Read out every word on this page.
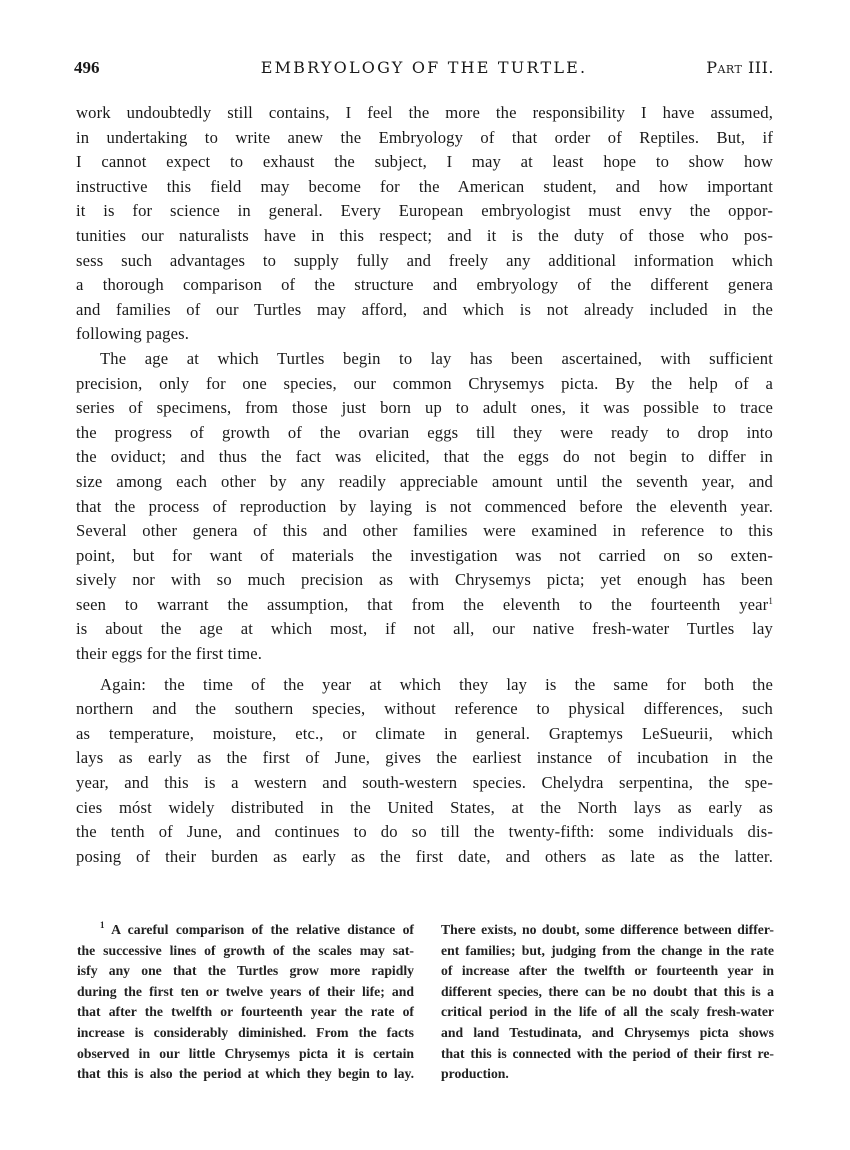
496	EMBRYOLOGY OF THE TURTLE.	Part III.
work undoubtedly still contains, I feel the more the responsibility I have assumed,
in undertaking to write anew the Embryology of that order of Reptiles. But, if
I cannot expect to exhaust the subject, I may at least hope to show how
instructive this field may become for the American student, and how important
it is for science in general. Every European embryologist must envy the oppor-
tunities our naturalists have in this respect; and it is the duty of those who pos-
sess such advantages to supply fully and freely any additional information which
a thorough comparison of the structure and embryology of the different genera
and families of our Turtles may afford, and which is not already included in the
following pages.
The age at which Turtles begin to lay has been ascertained, with sufficient
precision, only for one species, our common Chrysemys picta. By the help of a
series of specimens, from those just born up to adult ones, it was possible to trace
the progress of growth of the ovarian eggs till they were ready to drop into
the oviduct; and thus the fact was elicited, that the eggs do not begin to differ in
size among each other by any readily appreciable amount until the seventh year, and
that the process of reproduction by laying is not commenced before the eleventh year.
Several other genera of this and other families were examined in reference to this
point, but for want of materials the investigation was not carried on so exten-
sively nor with so much precision as with Chrysemys picta; yet enough has been
seen to warrant the assumption, that from the eleventh to the fourteenth year$^1$
is about the age at which most, if not all, our native fresh-water Turtles lay
their eggs for the first time.
Again: the time of the year at which they lay is the same for both the
northern and the southern species, without reference to physical differences, such
as temperature, moisture, etc., or climate in general. Graptemys LeSueurii, which
lays as early as the first of June, gives the earliest instance of incubation in the
year, and this is a western and south-western species. Chelydra serpentina, the spe-
cies móst widely distributed in the United States, at the North lays as early as
the tenth of June, and continues to do so till the twenty-fifth: some individuals dis-
posing of their burden as early as the first date, and others as late as the latter.
$^1$ A careful comparison of the relative distance of
the successive lines of growth of the scales may sat-
isfy any one that the Turtles grow more rapidly
during the first ten or twelve years of their life; and
that after the twelfth or fourteenth year the rate of
increase is considerably diminished. From the facts
observed in our little Chrysemys picta it is certain
that this is also the period at which they begin to lay.
There exists, no doubt, some difference between differ-
ent families; but, judging from the change in the rate
of increase after the twelfth or fourteenth year in
different species, there can be no doubt that this is a
critical period in the life of all the scaly fresh-water
and land Testudinata, and Chrysemys picta shows
that this is connected with the period of their first re-
production.
